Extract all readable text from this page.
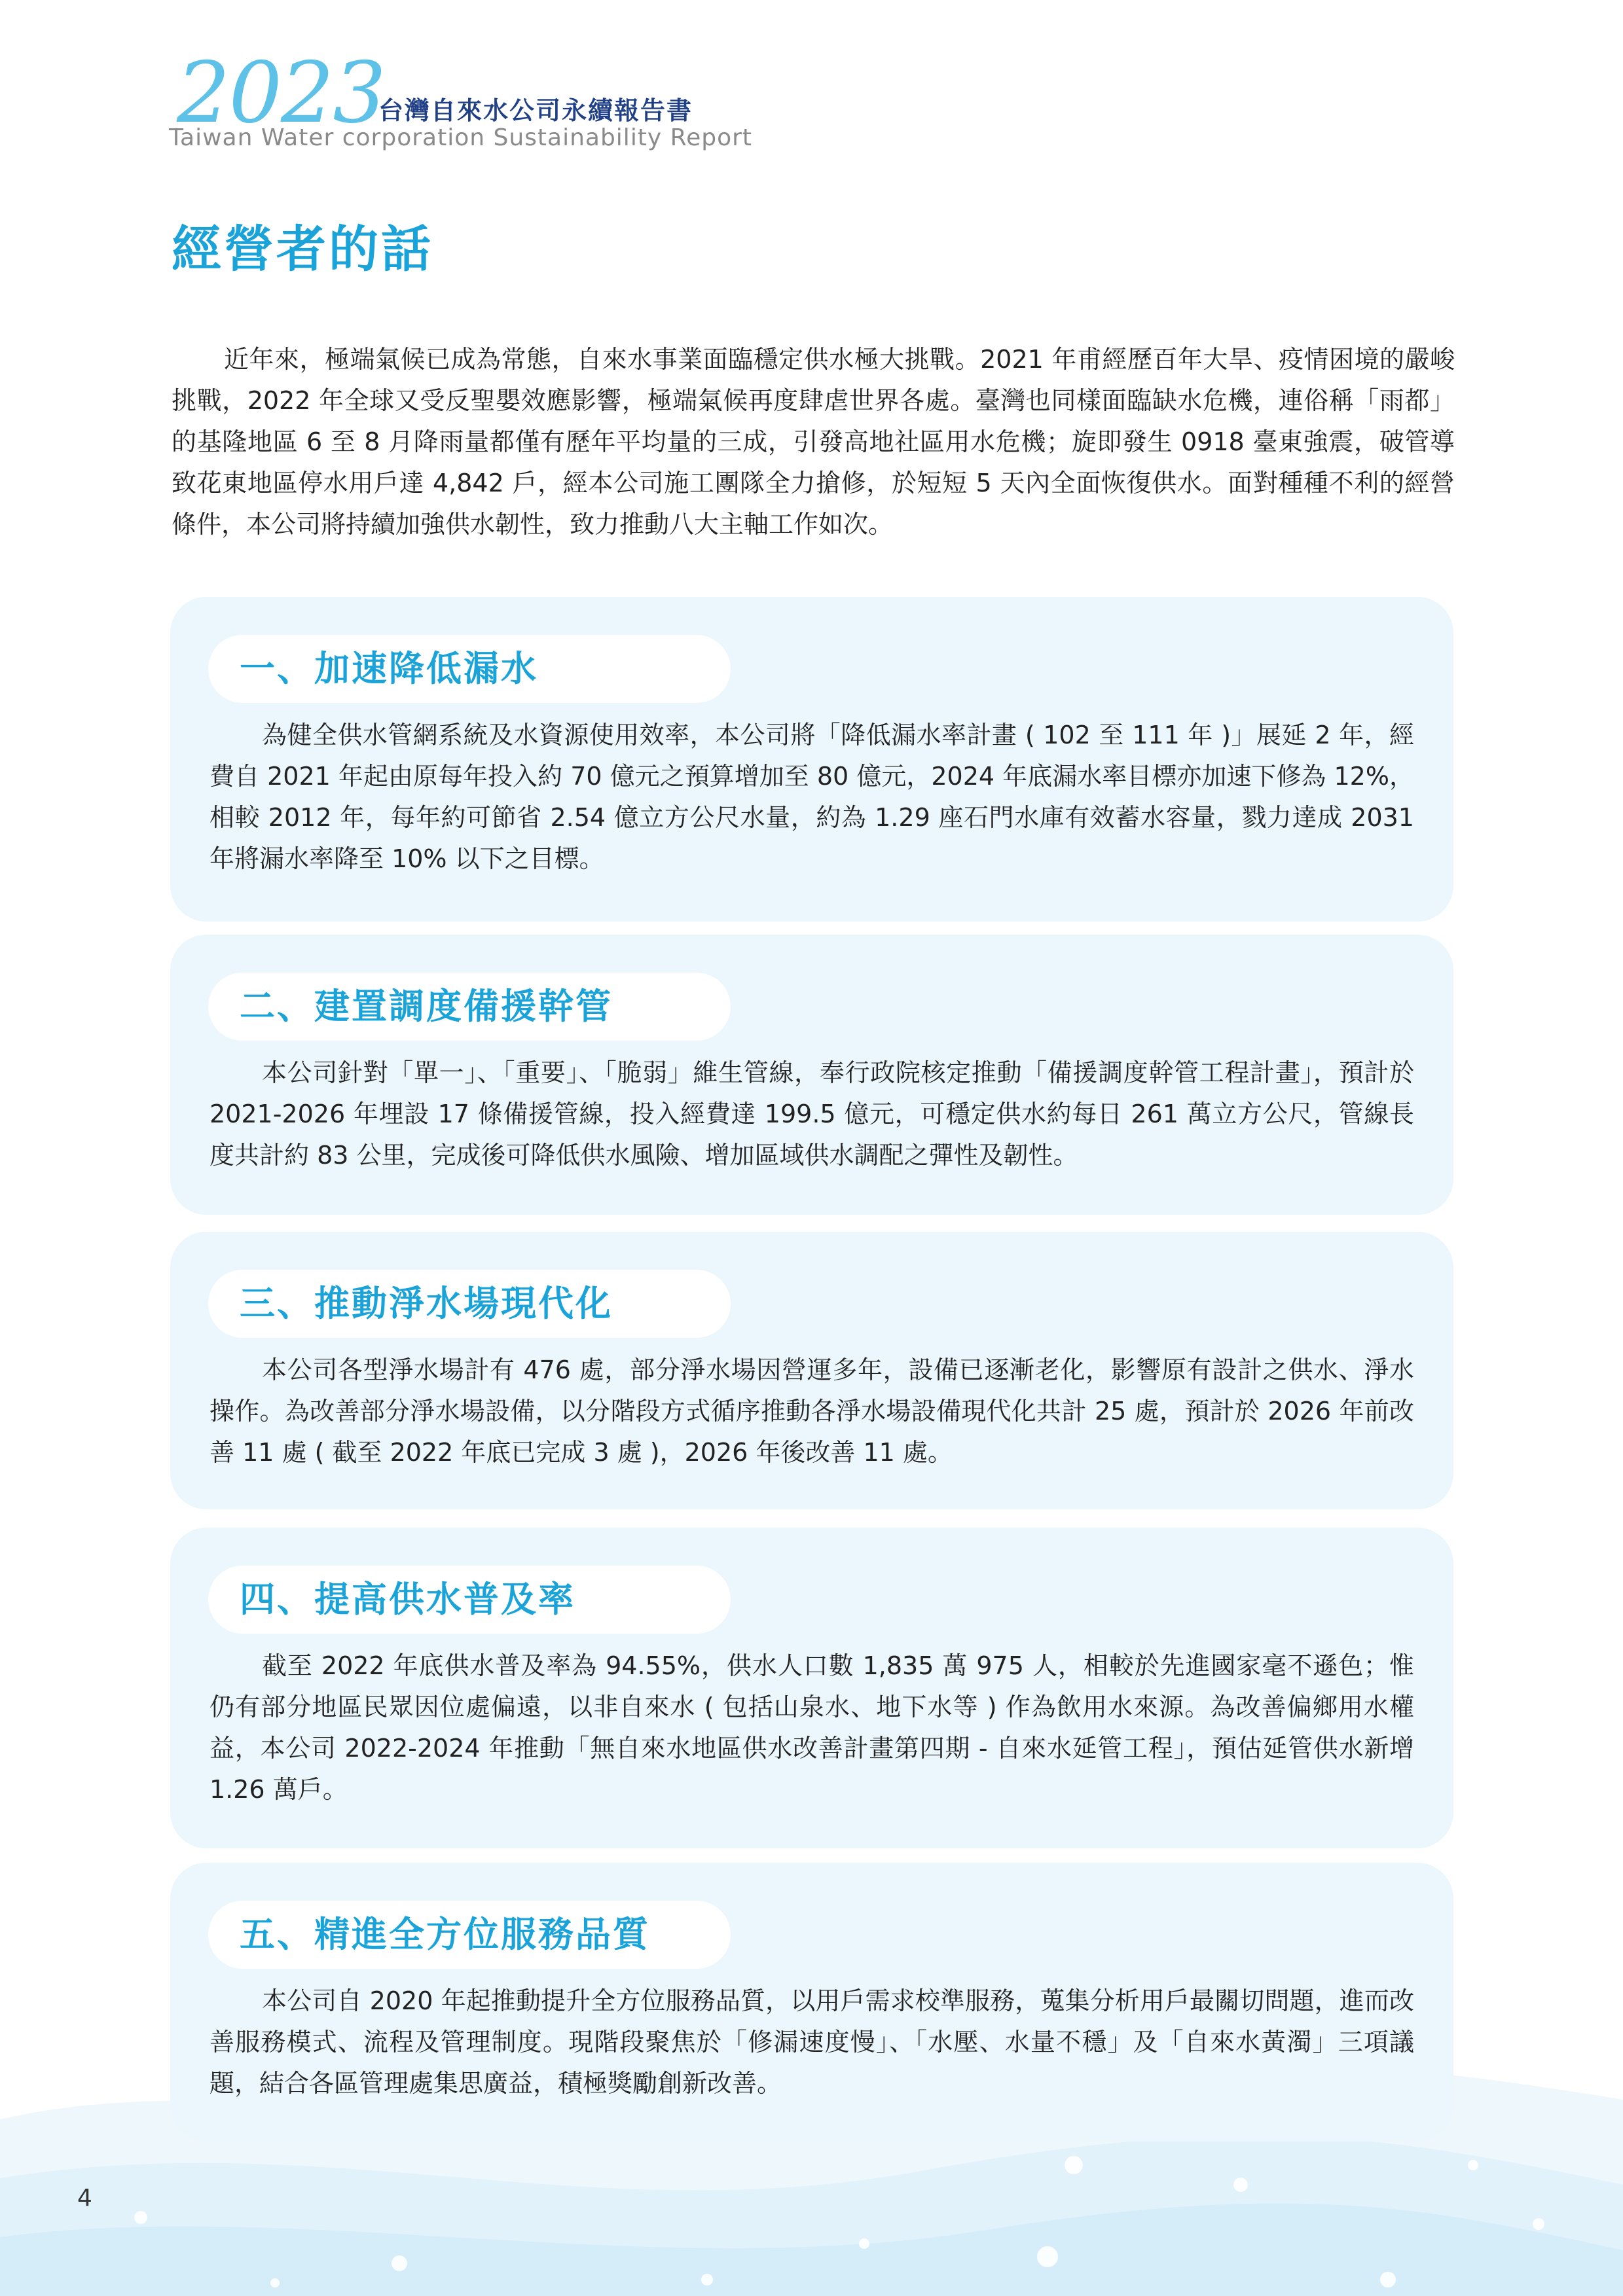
2023
台灣自來水公司永續報告書
Taiwan Water corporation Sustainability Report
經營者的話

近年來，極端氣候已成為常態，自來水事業面臨穩定供水極大挑戰。2021 年甫經歷百年大旱、疫情困境的嚴峻挑戰，2022 年全球又受反聖嬰效應影響，極端氣候再度肆虐世界各處。臺灣也同樣面臨缺水危機，連俗稱「雨都」的基隆地區 6 至 8 月降雨量都僅有歷年平均量的三成，引發高地社區用水危機；旋即發生 0918 臺東強震，破管導致花東地區停水用戶達 4,842 戶，經本公司施工團隊全力搶修，於短短 5 天內全面恢復供水。面對種種不利的經營條件，本公司將持續加強供水韌性，致力推動八大主軸工作如次。

一、加速降低漏水

為健全供水管網系統及水資源使用效率，本公司將「降低漏水率計畫 ( 102 至 111 年 )」展延 2 年，經費自 2021 年起由原每年投入約 70 億元之預算增加至 80 億元，2024 年底漏水率目標亦加速下修為 12%，相較 2012 年，每年約可節省 2.54 億立方公尺水量，約為 1.29 座石門水庫有效蓄水容量，戮力達成 2031 年將漏水率降至 10% 以下之目標。

二、建置調度備援幹管

本公司針對「單一」、「重要」、「脆弱」維生管線，奉行政院核定推動「備援調度幹管工程計畫」，預計於 2021-2026 年埋設 17 條備援管線，投入經費達 199.5 億元，可穩定供水約每日 261 萬立方公尺，管線長度共計約 83 公里，完成後可降低供水風險、增加區域供水調配之彈性及韌性。

三、推動淨水場現代化

本公司各型淨水場計有 476 處，部分淨水場因營運多年，設備已逐漸老化，影響原有設計之供水、淨水操作。為改善部分淨水場設備，以分階段方式循序推動各淨水場設備現代化共計 25 處，預計於 2026 年前改善 11 處 ( 截至 2022 年底已完成 3 處 )，2026 年後改善 11 處。

四、提高供水普及率

截至 2022 年底供水普及率為 94.55%，供水人口數 1,835 萬 975 人，相較於先進國家毫不遜色；惟仍有部分地區民眾因位處偏遠，以非自來水 ( 包括山泉水、地下水等 ) 作為飲用水來源。為改善偏鄉用水權益，本公司 2022-2024 年推動「無自來水地區供水改善計畫第四期 - 自來水延管工程」，預估延管供水新增 1.26 萬戶。

五、精進全方位服務品質

本公司自 2020 年起推動提升全方位服務品質，以用戶需求校準服務，蒐集分析用戶最關切問題，進而改善服務模式、流程及管理制度。現階段聚焦於「修漏速度慢」、「水壓、水量不穩」及「自來水黃濁」三項議題，結合各區管理處集思廣益，積極獎勵創新改善。

4
